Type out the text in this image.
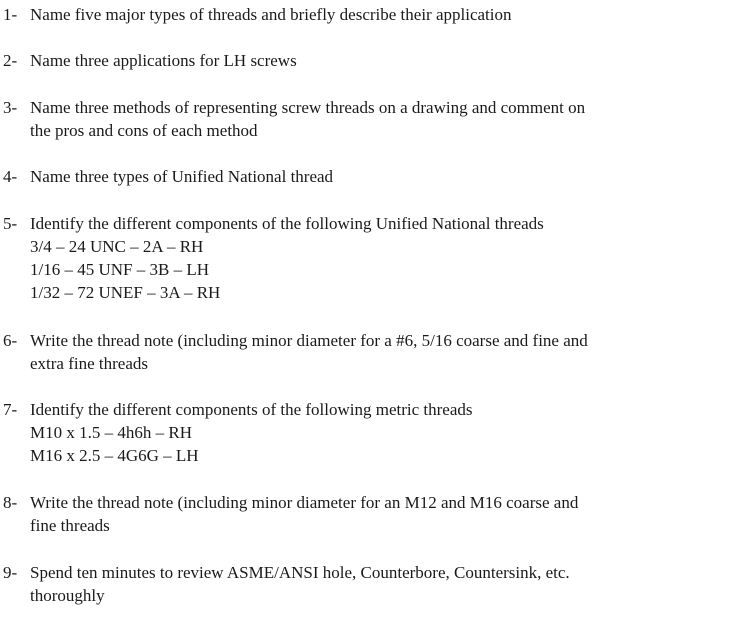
1- Name five major types of threads and briefly describe their application
2- Name three applications for LH screws
3- Name three methods of representing screw threads on a drawing and comment on
the pros and cons of each method
4- Name three types of Unified National thread
5- Identify the different components of the following Unified National threads
3/4 – 24 UNC – 2A – RH
1/16 – 45 UNF – 3B – LH
1/32 – 72 UNEF – 3A – RH
6- Write the thread note (including minor diameter for a #6, 5/16 coarse and fine and
extra fine threads
7- Identify the different components of the following metric threads
M10 x 1.5 – 4h6h – RH
M16 x 2.5 – 4G6G – LH
8- Write the thread note (including minor diameter for an M12 and M16 coarse and
fine threads
9- Spend ten minutes to review ASME/ANSI hole, Counterbore, Countersink, etc.
thoroughly
